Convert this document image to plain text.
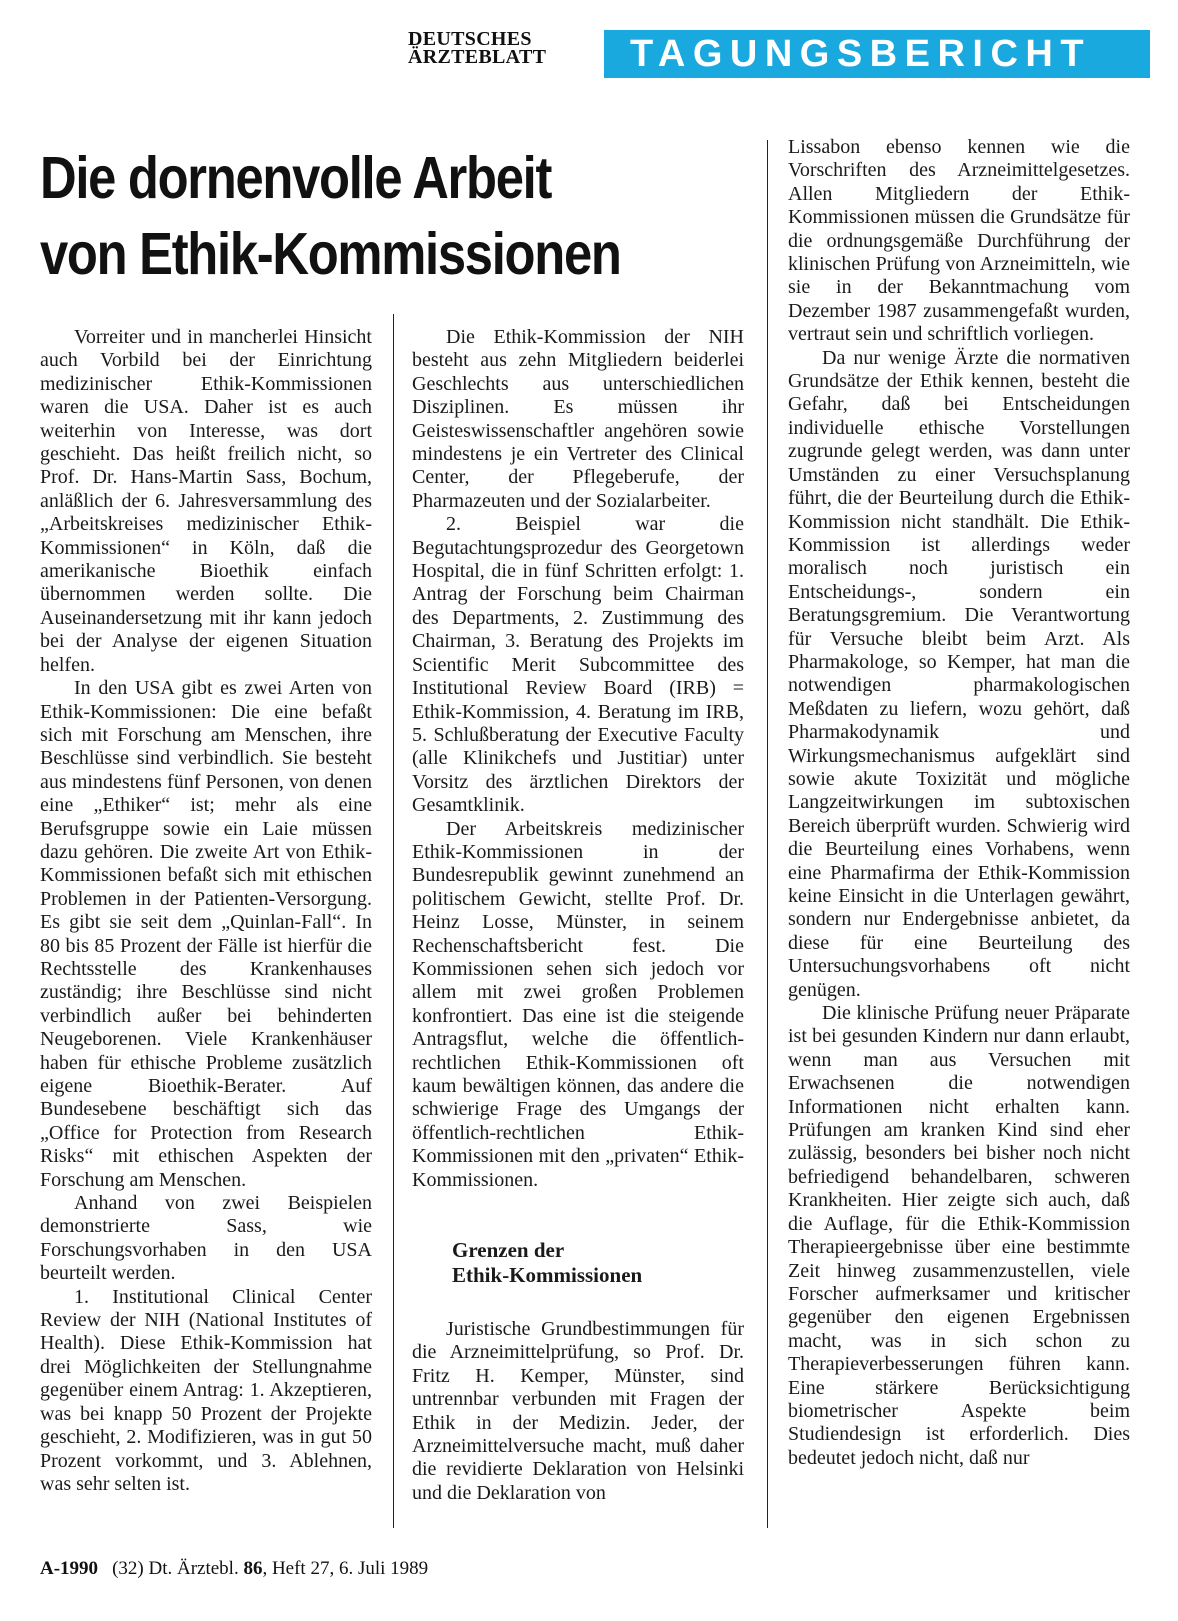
DEUTSCHES
ÄRZTEBLATT	TAGUNGSBERICHT
Die dornenvolle Arbeit
von Ethik-Kommissionen

Vorreiter und in mancherlei Hinsicht auch Vorbild bei der Einrichtung medizinischer Ethik-Kommissionen waren die USA. Daher ist es auch weiterhin von Interesse, was dort geschieht. Das heißt freilich nicht, so Prof. Dr. Hans-Martin Sass, Bochum, anläßlich der 6. Jahresversammlung des „Arbeitskreises medizinischer Ethik-Kommissionen“ in Köln, daß die amerikanische Bioethik einfach übernommen werden sollte. Die Auseinandersetzung mit ihr kann jedoch bei der Analyse der eigenen Situation helfen.

In den USA gibt es zwei Arten von Ethik-Kommissionen: Die eine befaßt sich mit Forschung am Menschen, ihre Beschlüsse sind verbindlich. Sie besteht aus mindestens fünf Personen, von denen eine „Ethiker“ ist; mehr als eine Berufsgruppe sowie ein Laie müssen dazu gehören. Die zweite Art von Ethik-Kommissionen befaßt sich mit ethischen Problemen in der Patienten-Versorgung. Es gibt sie seit dem „Quinlan-Fall“. In 80 bis 85 Prozent der Fälle ist hierfür die Rechtsstelle des Krankenhauses zuständig; ihre Beschlüsse sind nicht verbindlich außer bei behinderten Neugeborenen. Viele Krankenhäuser haben für ethische Probleme zusätzlich eigene Bioethik-Berater. Auf Bundesebene beschäftigt sich das „Office for Protection from Research Risks“ mit ethischen Aspekten der Forschung am Menschen.

Anhand von zwei Beispielen demonstrierte Sass, wie Forschungsvorhaben in den USA beurteilt werden.

1. Institutional Clinical Center Review der NIH (National Institutes of Health). Diese Ethik-Kommission hat drei Möglichkeiten der Stellungnahme gegenüber einem Antrag: 1. Akzeptieren, was bei knapp 50 Prozent der Projekte geschieht, 2. Modifizieren, was in gut 50 Prozent vorkommt, und 3. Ablehnen, was sehr selten ist.

Die Ethik-Kommission der NIH besteht aus zehn Mitgliedern beiderlei Geschlechts aus unterschiedlichen Disziplinen. Es müssen ihr Geisteswissenschaftler angehören sowie mindestens je ein Vertreter des Clinical Center, der Pflegeberufe, der Pharmazeuten und der Sozialarbeiter.

2. Beispiel war die Begutachtungsprozedur des Georgetown Hospital, die in fünf Schritten erfolgt: 1. Antrag der Forschung beim Chairman des Departments, 2. Zustimmung des Chairman, 3. Beratung des Projekts im Scientific Merit Subcommittee des Institutional Review Board (IRB) = Ethik-Kommission, 4. Beratung im IRB, 5. Schlußberatung der Executive Faculty (alle Klinikchefs und Justitiar) unter Vorsitz des ärztlichen Direktors der Gesamtklinik.

Der Arbeitskreis medizinischer Ethik-Kommissionen in der Bundesrepublik gewinnt zunehmend an politischem Gewicht, stellte Prof. Dr. Heinz Losse, Münster, in seinem Rechenschaftsbericht fest. Die Kommissionen sehen sich jedoch vor allem mit zwei großen Problemen konfrontiert. Das eine ist die steigende Antragsflut, welche die öffentlich-rechtlichen Ethik-Kommissionen oft kaum bewältigen können, das andere die schwierige Frage des Umgangs der öffentlich-rechtlichen Ethik-Kommissionen mit den „privaten“ Ethik-Kommissionen.

Grenzen der
Ethik-Kommissionen

Juristische Grundbestimmungen für die Arzneimittelprüfung, so Prof. Dr. Fritz H. Kemper, Münster, sind untrennbar verbunden mit Fragen der Ethik in der Medizin. Jeder, der Arzneimittelversuche macht, muß daher die revidierte Deklaration von Helsinki und die Deklaration von

Lissabon ebenso kennen wie die Vorschriften des Arzneimittelgesetzes. Allen Mitgliedern der Ethik-Kommissionen müssen die Grundsätze für die ordnungsgemäße Durchführung der klinischen Prüfung von Arzneimitteln, wie sie in der Bekanntmachung vom Dezember 1987 zusammengefaßt wurden, vertraut sein und schriftlich vorliegen.

Da nur wenige Ärzte die normativen Grundsätze der Ethik kennen, besteht die Gefahr, daß bei Entscheidungen individuelle ethische Vorstellungen zugrunde gelegt werden, was dann unter Umständen zu einer Versuchsplanung führt, die der Beurteilung durch die Ethik-Kommission nicht standhält. Die Ethik-Kommission ist allerdings weder moralisch noch juristisch ein Entscheidungs-, sondern ein Beratungsgremium. Die Verantwortung für Versuche bleibt beim Arzt. Als Pharmakologe, so Kemper, hat man die notwendigen pharmakologischen Meßdaten zu liefern, wozu gehört, daß Pharmakodynamik und Wirkungsmechanismus aufgeklärt sind sowie akute Toxizität und mögliche Langzeitwirkungen im subtoxischen Bereich überprüft wurden. Schwierig wird die Beurteilung eines Vorhabens, wenn eine Pharmafirma der Ethik-Kommission keine Einsicht in die Unterlagen gewährt, sondern nur Endergebnisse anbietet, da diese für eine Beurteilung des Untersuchungsvorhabens oft nicht genügen.

Die klinische Prüfung neuer Präparate ist bei gesunden Kindern nur dann erlaubt, wenn man aus Versuchen mit Erwachsenen die notwendigen Informationen nicht erhalten kann. Prüfungen am kranken Kind sind eher zulässig, besonders bei bisher noch nicht befriedigend behandelbaren, schweren Krankheiten. Hier zeigte sich auch, daß die Auflage, für die Ethik-Kommission Therapieergebnisse über eine bestimmte Zeit hinweg zusammenzustellen, viele Forscher aufmerksamer und kritischer gegenüber den eigenen Ergebnissen macht, was in sich schon zu Therapieverbesserungen führen kann. Eine stärkere Berücksichtigung biometrischer Aspekte beim Studiendesign ist erforderlich. Dies bedeutet jedoch nicht, daß nur

A-1990 (32) Dt. Ärztebl. 86, Heft 27, 6. Juli 1989
